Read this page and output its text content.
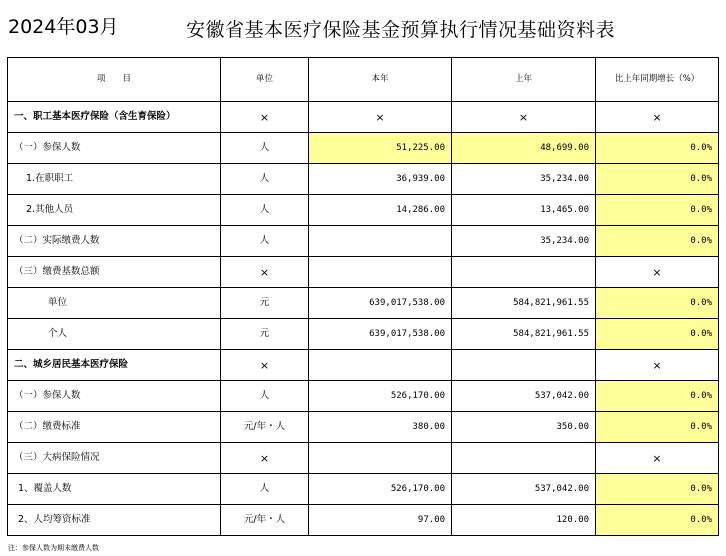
2024年03月	安徽省基本医疗保险基金预算执行情况基础资料表
项　　目	单位	本年	上年	比上年同期增长（%）
一、职工基本医疗保险（含生育保险）	×	×	×	×
（一）参保人数	人	51,225.00	48,699.00	0.0%
1.在职职工	人	36,939.00	35,234.00	0.0%
2.其他人员	人	14,286.00	13,465.00	0.0%
（二）实际缴费人数	人		35,234.00	0.0%
（三）缴费基数总额	×			×
单位	元	639,017,538.00	584,821,961.55	0.0%
个人	元	639,017,538.00	584,821,961.55	0.0%
二、城乡居民基本医疗保险	×			×
（一）参保人数	人	526,170.00	537,042.00	0.0%
（二）缴费标准	元/年・人	380.00	350.00	0.0%
（三）大病保险情况	×			×
1、覆盖人数	人	526,170.00	537,042.00	0.0%
2、人均筹资标准	元/年・人	97.00	120.00	0.0%
注：参保人数为期末缴费人数
